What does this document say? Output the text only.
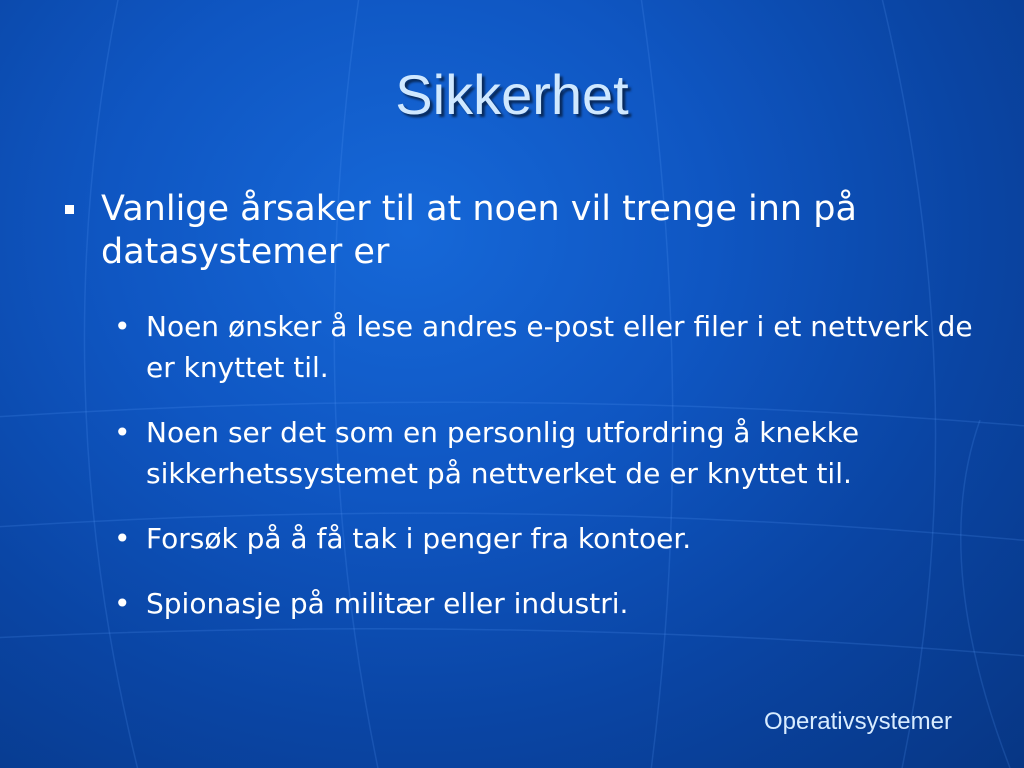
Sikkerhet
Vanlige årsaker til at noen vil trenge inn på datasystemer er
• Noen ønsker å lese andres e-post eller filer i et nettverk de er knyttet til.
• Noen ser det som en personlig utfordring å knekke sikkerhetssystemet på nettverket de er knyttet til.
• Forsøk på å få tak i penger fra kontoer.
• Spionasje på militær eller industri.
Operativsystemer
